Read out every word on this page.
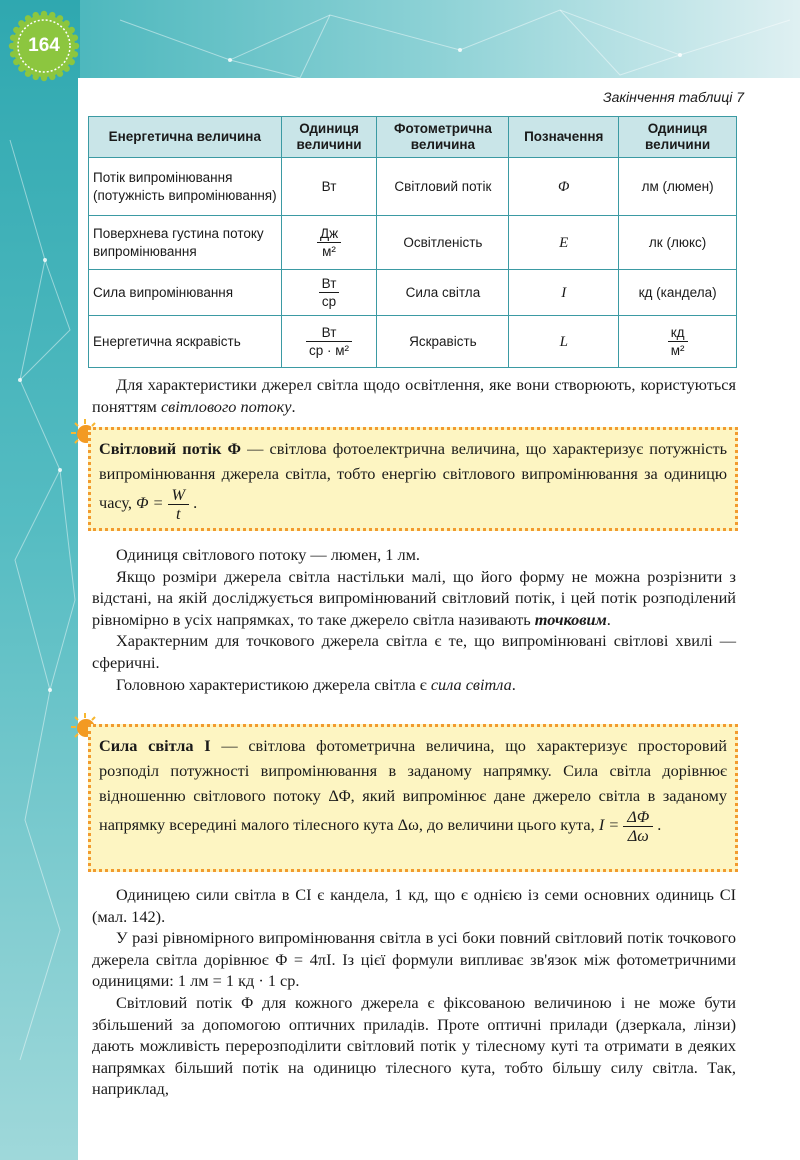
164
Закінчення таблиці 7
Енергетична величина	Одиниця величини	Фотометрична величина	Позначення	Одиниця величини
Потік випромінювання (потужність випромінювання)	Вт	Світловий потік	Φ	лм (люмен)
Поверхнева густина потоку випромінювання	$\frac{Дж}{\text{м²}}$	Освітленість	E	лк (люкс)
Сила випромінювання	$\frac{Вт}{ср}$	Сила світла	I	кд (кандела)
Енергетична яскравість	$\frac{Вт}{\text{ср · м²}}$	Яскравість	L	$\frac{кд}{\text{м²}}$

Для характеристики джерел світла щодо освітлення, яке вони створюють, користуються поняттям світлового потоку.

Світловий потік Φ — світлова фотоелектрична величина, що характеризує потужність випромінювання джерела світла, тобто енергію світлового випромінювання за одиницю часу, $\Phi = \frac{W}{t}$ .

Одиниця світлового потоку — люмен, 1 лм.

Якщо розміри джерела світла настільки малі, що його форму не можна розрізнити з відстані, на якій досліджується випромінюваний світловий потік, і цей потік розподілений рівномірно в усіх напрямках, то таке джерело світла називають точковим.

Характерним для точкового джерела світла є те, що випромінювані світлові хвилі — сферичні.

Головною характеристикою джерела світла є сила світла.

Сила світла I — світлова фотометрична величина, що характеризує просторовий розподіл потужності випромінювання в заданому напрямку. Сила світла дорівнює відношенню світлового потоку ΔΦ, який випромінює дане джерело світла в заданому напрямку всередині малого тілесного кута Δω, до величини цього кута, $I = \frac{\Delta\Phi}{\Delta\omega}$ .

Одиницею сили світла в СІ є кандела, 1 кд, що є однією із семи основних одиниць СІ (мал. 142).

У разі рівномірного випромінювання світла в усі боки повний світловий потік точкового джерела світла дорівнює Φ = 4πI. Із цієї формули випливає зв'язок між фотометричними одиницями: 1 лм = 1 кд · 1 ср.

Світловий потік Φ для кожного джерела є фіксованою величиною і не може бути збільшений за допомогою оптичних приладів. Проте оптичні прилади (дзеркала, лінзи) дають можливість перерозподілити світловий потік у тілесному куті та отримати в деяких напрямках більший потік на одиницю тілесного кута, тобто більшу силу світла. Так, наприклад,
